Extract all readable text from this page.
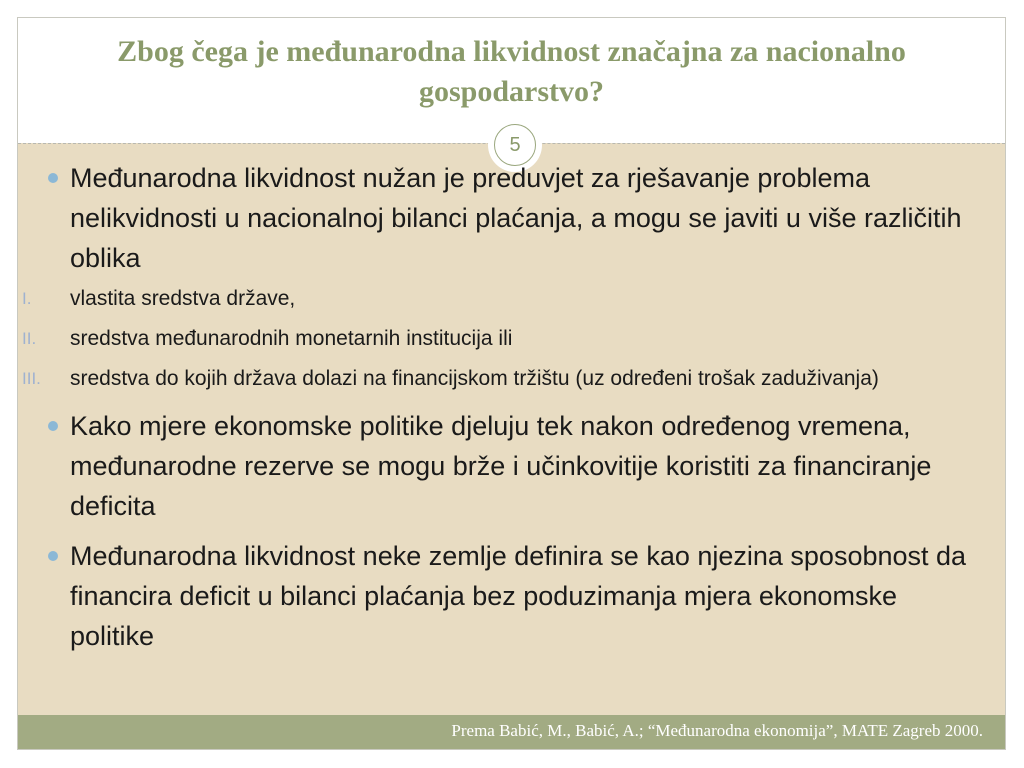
Zbog čega je međunarodna likvidnost značajna za nacionalno gospodarstvo?
5
Međunarodna likvidnost nužan je preduvjet za rješavanje problema nelikvidnosti u nacionalnoj bilanci plaćanja, a mogu se javiti u više različitih oblika
I.	vlastita sredstva države,
II.	sredstva međunarodnih monetarnih institucija ili
III.	sredstva do kojih država dolazi na financijskom tržištu (uz određeni trošak zaduživanja)
Kako mjere ekonomske politike djeluju tek nakon određenog vremena, međunarodne rezerve se mogu brže i učinkovitije koristiti za financiranje deficita
Međunarodna likvidnost neke zemlje definira se kao njezina sposobnost da financira deficit u bilanci plaćanja bez poduzimanja mjera ekonomske politike
Prema Babić, M., Babić, A.; “Međunarodna ekonomija”, MATE Zagreb 2000.
